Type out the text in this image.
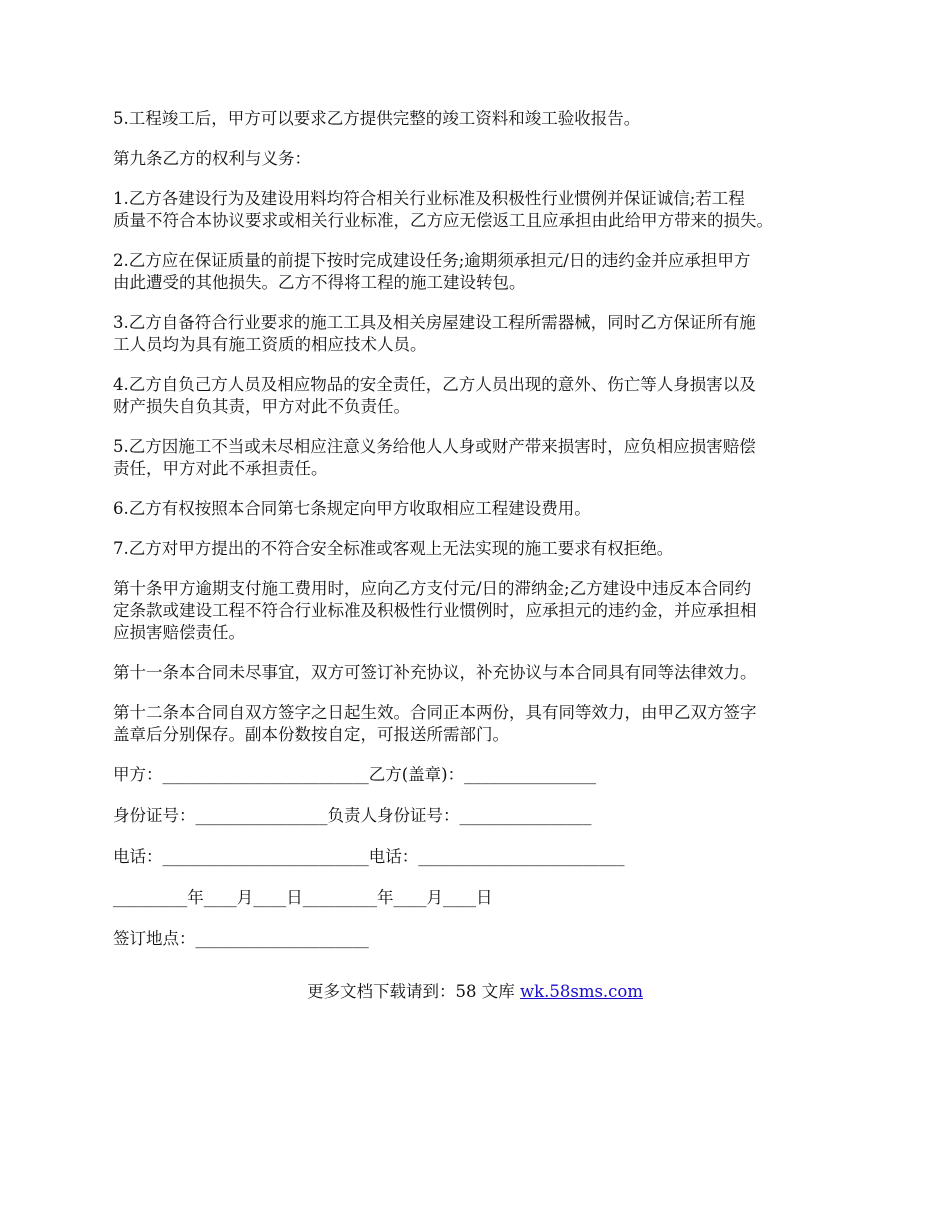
5.工程竣工后，甲方可以要求乙方提供完整的竣工资料和竣工验收报告。

第九条乙方的权利与义务：

1.乙方各建设行为及建设用料均符合相关行业标准及积极性行业惯例并保证诚信;若工程
质量不符合本协议要求或相关行业标准，乙方应无偿返工且应承担由此给甲方带来的损失。

2.乙方应在保证质量的前提下按时完成建设任务;逾期须承担元/日的违约金并应承担甲方
由此遭受的其他损失。乙方不得将工程的施工建设转包。

3.乙方自备符合行业要求的施工工具及相关房屋建设工程所需器械，同时乙方保证所有施
工人员均为具有施工资质的相应技术人员。

4.乙方自负己方人员及相应物品的安全责任，乙方人员出现的意外、伤亡等人身损害以及
财产损失自负其责，甲方对此不负责任。

5.乙方因施工不当或未尽相应注意义务给他人人身或财产带来损害时，应负相应损害赔偿
责任，甲方对此不承担责任。

6.乙方有权按照本合同第七条规定向甲方收取相应工程建设费用。

7.乙方对甲方提出的不符合安全标准或客观上无法实现的施工要求有权拒绝。

第十条甲方逾期支付施工费用时，应向乙方支付元/日的滞纳金;乙方建设中违反本合同约
定条款或建设工程不符合行业标准及积极性行业惯例时，应承担元的违约金，并应承担相
应损害赔偿责任。

第十一条本合同未尽事宜，双方可签订补充协议，补充协议与本合同具有同等法律效力。

第十二条本合同自双方签字之日起生效。合同正本两份，具有同等效力，由甲乙双方签字
盖章后分别保存。副本份数按自定，可报送所需部门。

甲方：_________________________乙方(盖章)：________________

身份证号：________________负责人身份证号：________________

电话：_________________________电话：_________________________

_________年____月____日_________年____月____日

签订地点：_____________________

更多文档下载请到：58 文库 wk.58sms.com
